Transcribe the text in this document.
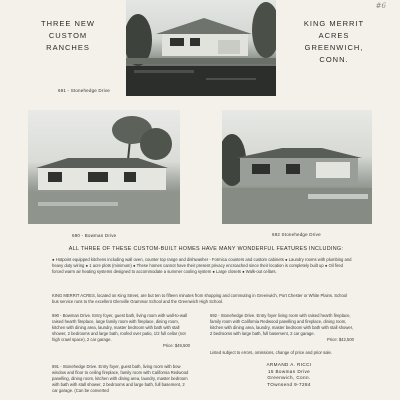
#6
THREE NEW
CUSTOM
RANCHES
KING MERRIT
ACRES
GREENWICH,
CONN.
691 - Stonehedge Drive
690 - Bowman Drive	692 Stonehedge Drive
ALL THREE OF THESE CUSTOM-BUILT HOMES HAVE MANY WONDERFUL FEATURES INCLUDING:
● Hotpoint equipped kitchens including wall oven, counter top range and dishwasher - Formica counters and custom cabinets ● Laundry rooms with plumbing and heavy duty wiring ● 1 acre plots (minimum) ● These homes cannot have their present privacy encroached since their location is completely built up ● Oil fired forced warm air heating systems designed to accommodate a summer cooling system ● Large closets ● Walk-out cellars.
KING MERRIT ACRES, located on King Street, are but ten to fifteen minutes from shopping and commuting in Greenwich, Port Chester or White Plains. School bus service runs to the excellent Glenville Grammar School and the Greenwich High School.
690 - Bowman Drive. Entry foyer, guest bath, living room with wall-to-wall raised hearth fireplace, large family room with fireplace, dining room, kitchen with dining area, laundry, master bedroom with bath with stall shower, 2 bedrooms and large bath, roofed over patio, 1/2 full cellar (not high crawl space), 2 car garage.
Price: $49,500
691 - Stonehedge Drive. Entry foyer, guest bath, living room with bow window and floor to ceiling fireplace, family room with California Redwood panelling, dining room, kitchen with dining area, laundry, master bedroom with bath with stall shower, 2 bedrooms and large bath, full basement, 2 car garage. (Can be converted
692 - Stonehedge Drive. Entry foyer living room with raised hearth fireplace, family room with California Redwood panelling and fireplace, dining room, kitchen with dining area, laundry, master bedroom with bath with stall shower, 2 bedrooms with large bath, full basement, 2 car garage.
Price: $42,500
Listed subject to errors, omissions, change of price and prior sale.
ARMAND A. RICCI
15 Bowman Drive
Greenwich, Conn.
TOwnsend 9-7284
